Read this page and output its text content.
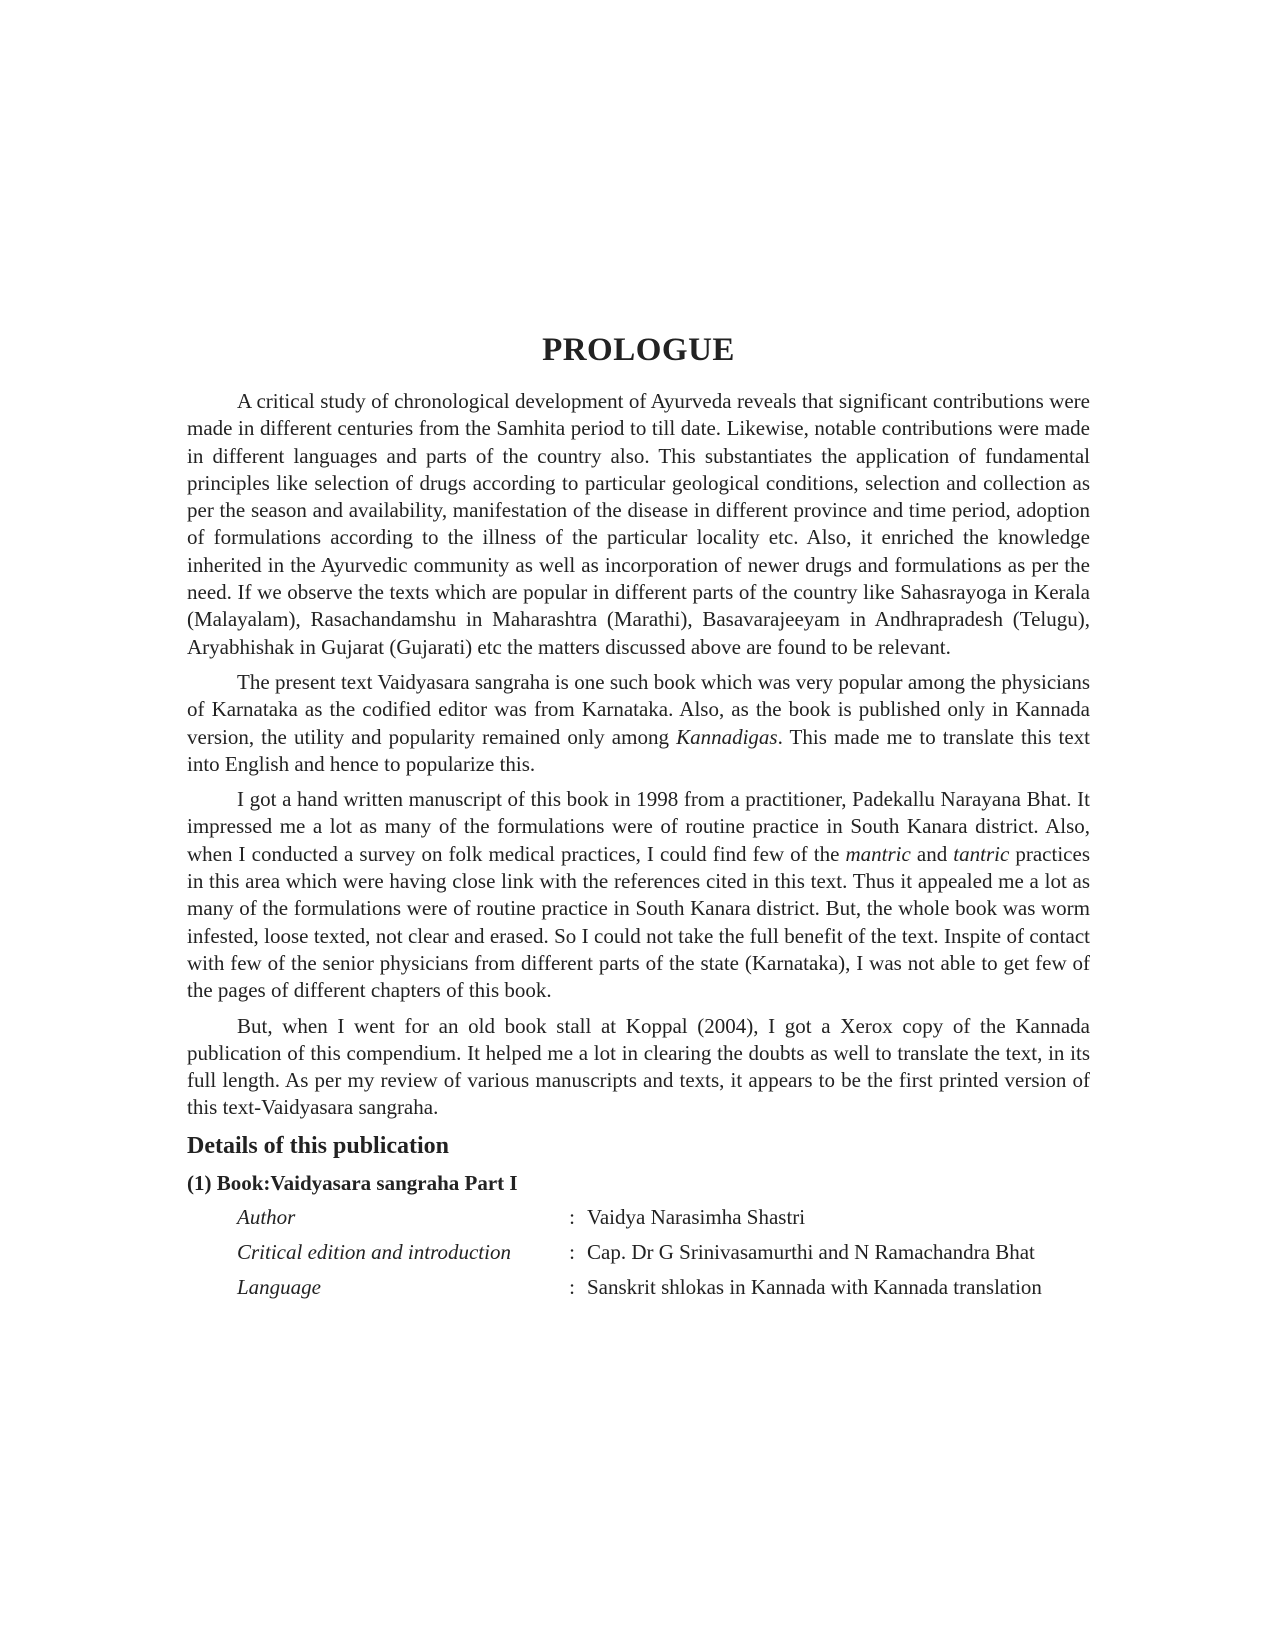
PROLOGUE

A critical study of chronological development of Ayurveda reveals that significant contributions were made in different centuries from the Samhita period to till date. Likewise, notable contributions were made in different languages and parts of the country also. This substantiates the application of fundamental principles like selection of drugs according to particular geological conditions, selection and collection as per the season and availability, manifestation of the disease in different province and time period, adoption of formulations according to the illness of the particular locality etc. Also, it enriched the knowledge inherited in the Ayurvedic community as well as incorporation of newer drugs and formulations as per the need. If we observe the texts which are popular in different parts of the country like Sahasrayoga in Kerala (Malayalam), Rasachandamshu in Maharashtra (Marathi), Basavarajeeyam in Andhrapradesh (Telugu), Aryabhishak in Gujarat (Gujarati) etc the matters discussed above are found to be relevant.

The present text Vaidyasara sangraha is one such book which was very popular among the physicians of Karnataka as the codified editor was from Karnataka. Also, as the book is published only in Kannada version, the utility and popularity remained only among Kannadigas. This made me to translate this text into English and hence to popularize this.

I got a hand written manuscript of this book in 1998 from a practitioner, Padekallu Narayana Bhat. It impressed me a lot as many of the formulations were of routine practice in South Kanara district. Also, when I conducted a survey on folk medical practices, I could find few of the mantric and tantric practices in this area which were having close link with the references cited in this text. Thus it appealed me a lot as many of the formulations were of routine practice in South Kanara district. But, the whole book was worm infested, loose texted, not clear and erased. So I could not take the full benefit of the text. Inspite of contact with few of the senior physicians from different parts of the state (Karnataka), I was not able to get few of the pages of different chapters of this book.

But, when I went for an old book stall at Koppal (2004), I got a Xerox copy of the Kannada publication of this compendium. It helped me a lot in clearing the doubts as well to translate the text, in its full length. As per my review of various manuscripts and texts, it appears to be the first printed version of this text-Vaidyasara sangraha.

Details of this publication
(1) Book:Vaidyasara sangraha Part I
Author	: Vaidya Narasimha Shastri
Critical edition and introduction	: Cap. Dr G Srinivasamurthi and N Ramachandra Bhat
Language	: Sanskrit shlokas in Kannada with Kannada translation
